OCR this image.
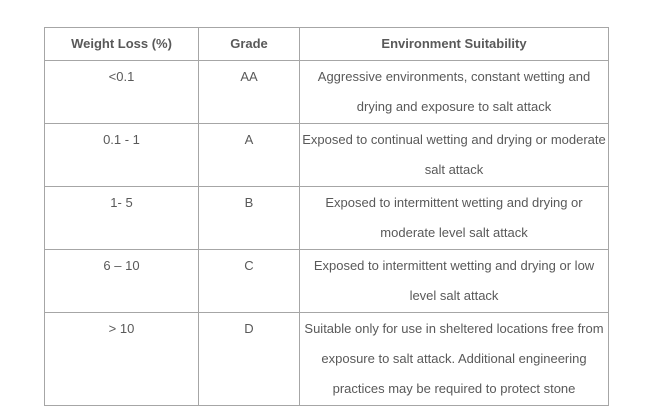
Weight Loss (%)	Grade	Environment Suitability
<0.1	AA	Aggressive environments, constant wetting and drying and exposure to salt attack
0.1 - 1	A	Exposed to continual wetting and drying or moderate salt attack
1- 5	B	Exposed to intermittent wetting and drying or moderate level salt attack
6 – 10	C	Exposed to intermittent wetting and drying or low level salt attack
> 10	D	Suitable only for use in sheltered locations free from exposure to salt attack. Additional engineering practices may be required to protect stone
